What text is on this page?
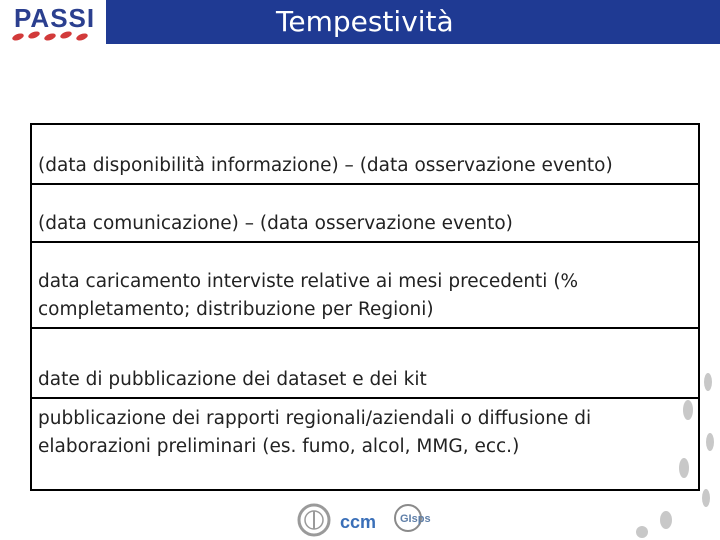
PASSI	Tempestività
(data disponibilità informazione) – (data osservazione evento)
(data comunicazione) – (data osservazione evento)
data caricamento interviste relative ai mesi precedenti (% completamento; distribuzione per Regioni)
date di pubblicazione dei dataset e dei kit
pubblicazione dei rapporti regionali/aziendali o diffusione di elaborazioni preliminari (es. fumo, alcol, MMG, ecc.)
ccm GIsps
